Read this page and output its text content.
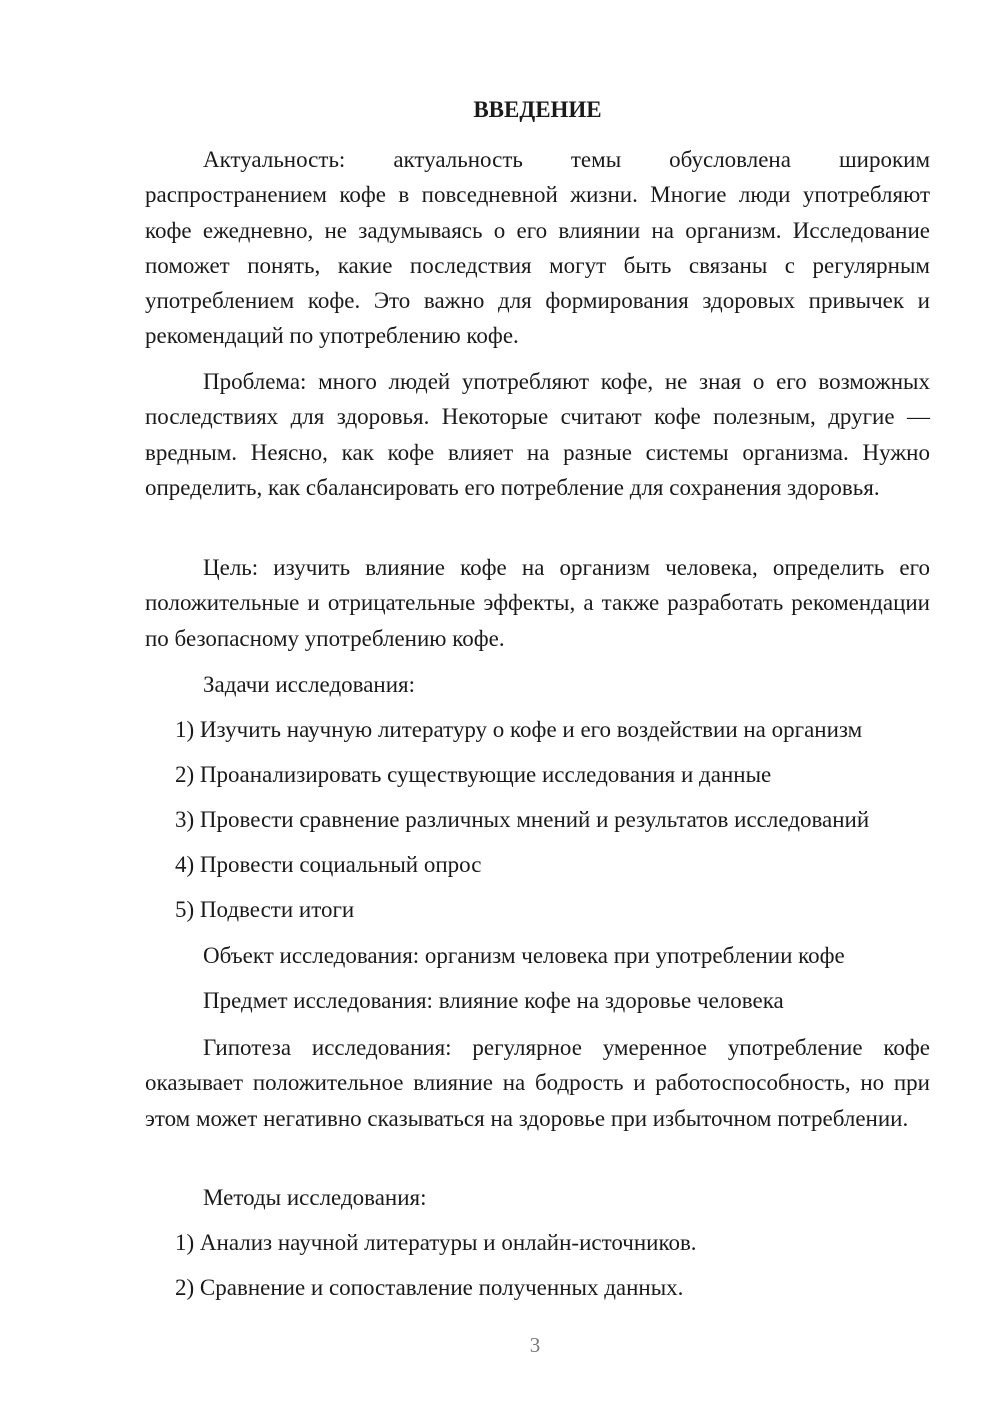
ВВЕДЕНИЕ

Актуальность: актуальность темы обусловлена широким распространением кофе в повседневной жизни. Многие люди употребляют кофе ежедневно, не задумываясь о его влиянии на организм. Исследование поможет понять, какие последствия могут быть связаны с регулярным употреблением кофе. Это важно для формирования здоровых привычек и рекомендаций по употреблению кофе.

Проблема: много людей употребляют кофе, не зная о его возможных последствиях для здоровья. Некоторые считают кофе полезным, другие — вредным. Неясно, как кофе влияет на разные системы организма. Нужно определить, как сбалансировать его потребление для сохранения здоровья.

Цель: изучить влияние кофе на организм человека, определить его положительные и отрицательные эффекты, а также разработать рекомендации по безопасному употреблению кофе.

Задачи исследования:

1) Изучить научную литературу о кофе и его воздействии на организм

2) Проанализировать существующие исследования и данные

3) Провести сравнение различных мнений и результатов исследований

4) Провести социальный опрос

5) Подвести итоги

Объект исследования: организм человека при употреблении кофе

Предмет исследования: влияние кофе на здоровье человека

Гипотеза исследования: регулярное умеренное употребление кофе оказывает положительное влияние на бодрость и работоспособность, но при этом может негативно сказываться на здоровье при избыточном потреблении.

Методы исследования:

1) Анализ научной литературы и онлайн-источников.

2) Сравнение и сопоставление полученных данных.

3
